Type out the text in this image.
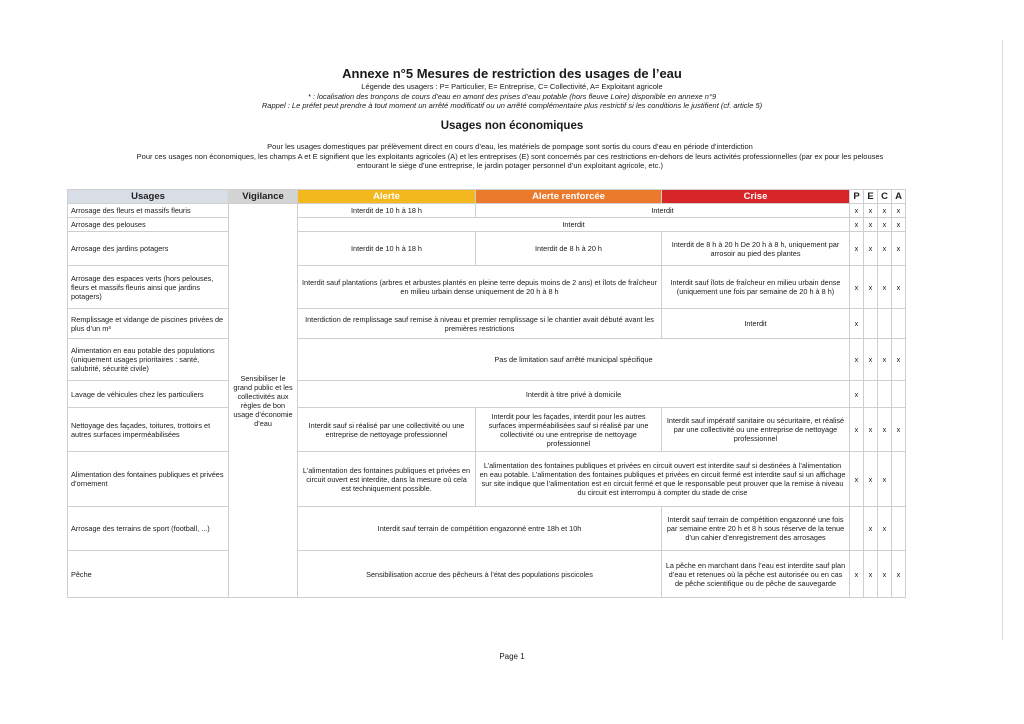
Annexe n°5 Mesures de restriction des usages de l’eau
Légende des usagers : P= Particulier, E= Entreprise, C= Collectivité, A= Exploitant agricole
* : localisation des tronçons de cours d’eau en amont des prises d’eau potable (hors fleuve Loire) disponible en annexe n°9
Rappel : Le préfet peut prendre à tout moment un arrêté modificatif ou un arrêté complémentaire plus restrictif si les conditions le justifient (cf. article 5)
Usages non économiques
Pour les usages domestiques par prélèvement direct en cours d’eau, les matériels de pompage sont sortis du cours d’eau en période d’interdiction
Pour ces usages non économiques, les champs A et E signifient que les exploitants agricoles (A) et les entreprises (E) sont concernés par ces restrictions en-dehors de leurs activités professionnelles (par ex pour les pelouses
entourant le siège d’une entreprise, le jardin potager personnel d’un exploitant agricole, etc.)
Usages	Vigilance	Alerte	Alerte renforcée	Crise	P	E	C	A
Arrosage des fleurs et massifs fleuris	Sensibiliser le grand public et les collectivités aux règles de bon usage d’économie d’eau	Interdit de 10 h à 18 h	Interdit		x	x	x	x
Arrosage des pelouses		Interdit			x	x	x	x
Arrosage des jardins potagers		Interdit de 10 h à 18 h	Interdit de 8 h à 20 h	Interdit de 8 h à 20 h De 20 h à 8 h, uniquement par arrosoir au pied des plantes	x	x	x	x
Arrosage des espaces verts (hors pelouses, fleurs et massifs fleuris ainsi que jardins potagers)		Interdit sauf plantations (arbres et arbustes plantés en pleine terre depuis moins de 2 ans) et îlots de fraîcheur en milieu urbain dense uniquement de 20 h à 8 h		Interdit sauf îlots de fraîcheur en milieu urbain dense (uniquement une fois par semaine de 20 h à 8 h)	x	x	x	x
Remplissage et vidange de piscines privées de plus d’un m³		Interdiction de remplissage sauf remise à niveau et premier remplissage si le chantier avait débuté avant les premières restrictions		Interdit	x			
Alimentation en eau potable des populations (uniquement usages prioritaires : santé, salubrité, sécurité civile)		Pas de limitation sauf arrêté municipal spécifique			x	x	x	x
Lavage de véhicules chez les particuliers		Interdit à titre privé à domicile			x			
Nettoyage des façades, toitures, trottoirs et autres surfaces imperméabilisées		Interdit sauf si réalisé par une collectivité ou une entreprise de nettoyage professionnel	Interdit pour les façades, interdit pour les autres surfaces imperméabilisées sauf si réalisé par une collectivité ou une entreprise de nettoyage professionnel	Interdit sauf impératif sanitaire ou sécuritaire, et réalisé par une collectivité ou une entreprise de nettoyage professionnel	x	x	x	x
Alimentation des fontaines publiques et privées d’ornement		L’alimentation des fontaines publiques et privées en circuit ouvert est interdite, dans la mesure où cela est techniquement possible.	L’alimentation des fontaines publiques et privées en circuit ouvert est interdite sauf si destinées à l’alimentation en eau potable. L’alimentation des fontaines publiques et privées en circuit fermé est interdite sauf si un affichage sur site indique que l’alimentation est en circuit fermé et que le responsable peut prouver que la remise à niveau du circuit est interrompu à compter du stade de crise		x	x	x	
Arrosage des terrains de sport (football, ...)		Interdit sauf terrain de compétition engazonné entre 18h et 10h		Interdit sauf terrain de compétition engazonné une fois par semaine entre 20 h et 8 h sous réserve de la tenue d’un cahier d’enregistrement des arrosages		x	x	
Pêche		Sensibilisation accrue des pêcheurs à l’état des populations piscicoles		La pêche en marchant dans l’eau est interdite sauf plan d’eau et retenues où la pêche est autorisée ou en cas de pêche scientifique ou de pêche de sauvegarde	x	x	x	x
Page 1
